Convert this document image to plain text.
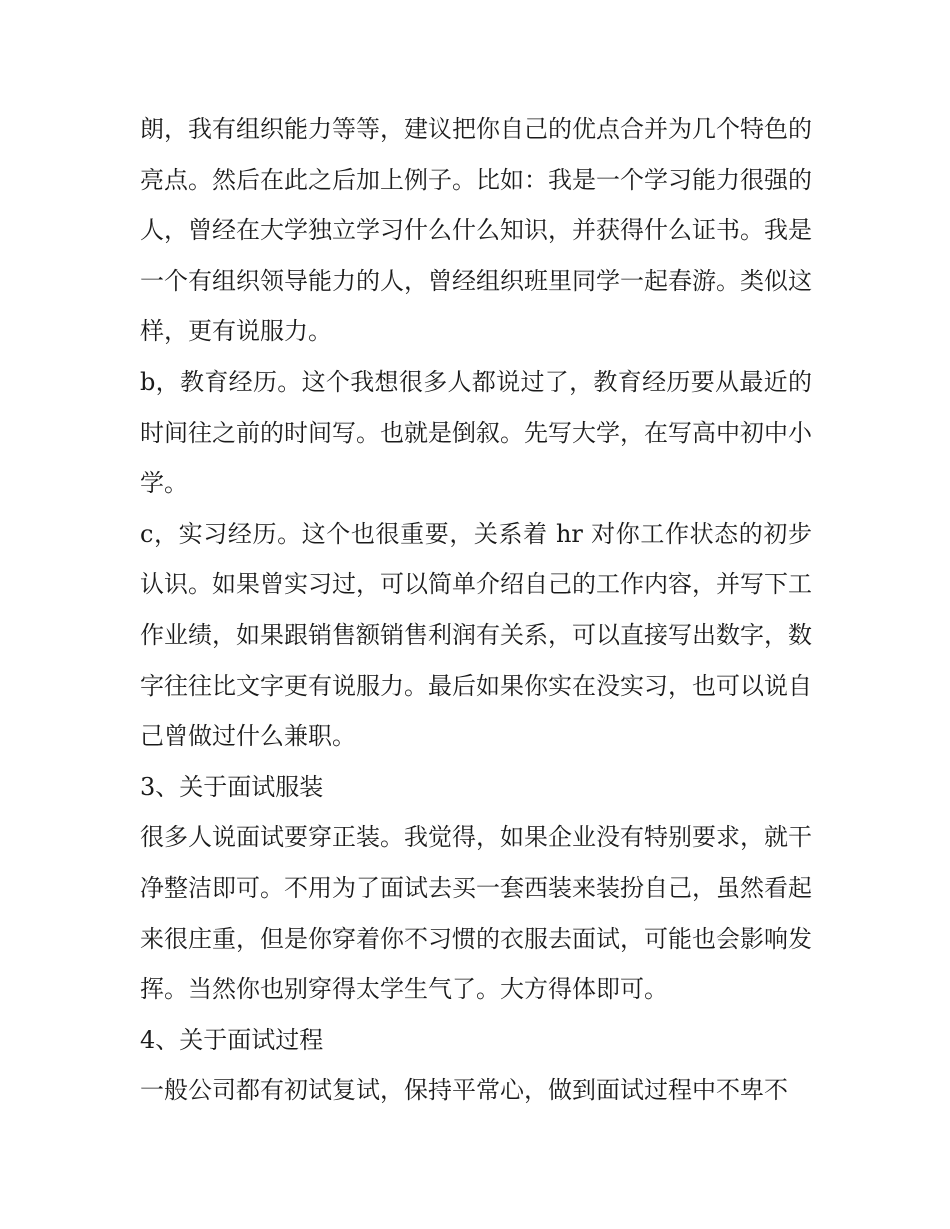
朗，我有组织能力等等，建议把你自己的优点合并为几个特色的亮点。然后在此之后加上例子。比如：我是一个学习能力很强的人，曾经在大学独立学习什么什么知识，并获得什么证书。我是一个有组织领导能力的人，曾经组织班里同学一起春游。类似这样，更有说服力。

b，教育经历。这个我想很多人都说过了，教育经历要从最近的时间往之前的时间写。也就是倒叙。先写大学，在写高中初中小学。

c，实习经历。这个也很重要，关系着 hr 对你工作状态的初步认识。如果曾实习过，可以简单介绍自己的工作内容，并写下工作业绩，如果跟销售额销售利润有关系，可以直接写出数字，数字往往比文字更有说服力。最后如果你实在没实习，也可以说自己曾做过什么兼职。

3、关于面试服装

很多人说面试要穿正装。我觉得，如果企业没有特别要求，就干净整洁即可。不用为了面试去买一套西装来装扮自己，虽然看起来很庄重，但是你穿着你不习惯的衣服去面试，可能也会影响发挥。当然你也别穿得太学生气了。大方得体即可。

4、关于面试过程

一般公司都有初试复试，保持平常心，做到面试过程中不卑不
